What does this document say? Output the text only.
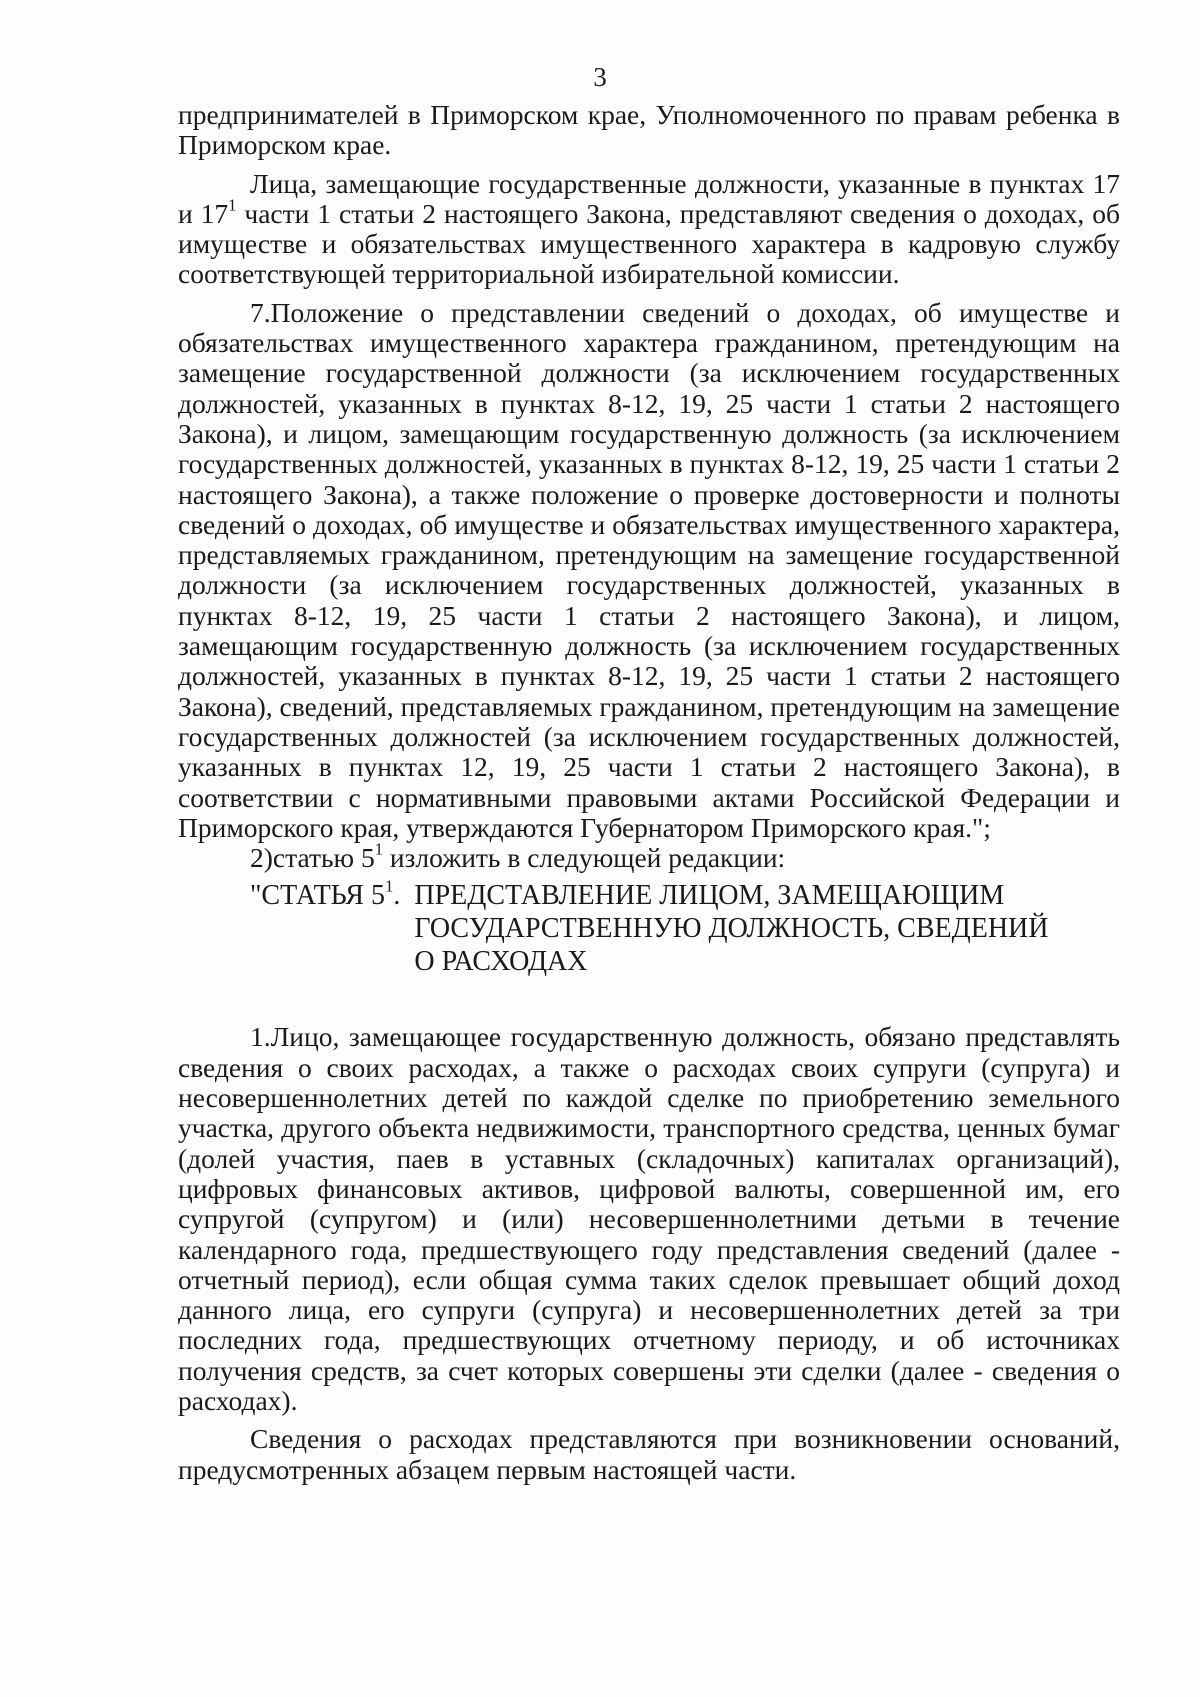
3

предпринимателей в Приморском крае, Уполномоченного по правам ребенка в Приморском крае.

Лица, замещающие государственные должности, указанные в пунктах 17 и $17^1$ части 1 статьи 2 настоящего Закона, представляют сведения о доходах, об имуществе и обязательствах имущественного характера в кадровую службу соответствующей территориальной избирательной комиссии.

7.Положение о представлении сведений о доходах, об имуществе и обязательствах имущественного характера гражданином, претендующим на замещение государственной должности (за исключением государственных должностей, указанных в пунктах 8-12, 19, 25 части 1 статьи 2 настоящего Закона), и лицом, замещающим государственную должность (за исключением государственных должностей, указанных в пунктах 8-12, 19, 25 части 1 статьи 2 настоящего Закона), а также положение о проверке достоверности и полноты сведений о доходах, об имуществе и обязательствах имущественного характера, представляемых гражданином, претендующим на замещение государственной должности (за исключением государственных должностей, указанных в пунктах 8-12, 19, 25 части 1 статьи 2 настоящего Закона), и лицом, замещающим государственную должность (за исключением государственных должностей, указанных в пунктах 8-12, 19, 25 части 1 статьи 2 настоящего Закона), сведений, представляемых гражданином, претендующим на замещение государственных должностей (за исключением государственных должностей, указанных в пунктах 12, 19, 25 части 1 статьи 2 настоящего Закона), в соответствии с нормативными правовыми актами Российской Федерации и Приморского края, утверждаются Губернатором Приморского края.";

2)статью $5^1$ изложить в следующей редакции:

"СТАТЬЯ $5^1$. ПРЕДСТАВЛЕНИЕ ЛИЦОМ, ЗАМЕЩАЮЩИМ ГОСУДАРСТВЕННУЮ ДОЛЖНОСТЬ, СВЕДЕНИЙ О РАСХОДАХ

1.Лицо, замещающее государственную должность, обязано представлять сведения о своих расходах, а также о расходах своих супруги (супруга) и несовершеннолетних детей по каждой сделке по приобретению земельного участка, другого объекта недвижимости, транспортного средства, ценных бумаг (долей участия, паев в уставных (складочных) капиталах организаций), цифровых финансовых активов, цифровой валюты, совершенной им, его супругой (супругом) и (или) несовершеннолетними детьми в течение календарного года, предшествующего году представления сведений (далее - отчетный период), если общая сумма таких сделок превышает общий доход данного лица, его супруги (супруга) и несовершеннолетних детей за три последних года, предшествующих отчетному периоду, и об источниках получения средств, за счет которых совершены эти сделки (далее - сведения о расходах).

Сведения о расходах представляются при возникновении оснований, предусмотренных абзацем первым настоящей части.
